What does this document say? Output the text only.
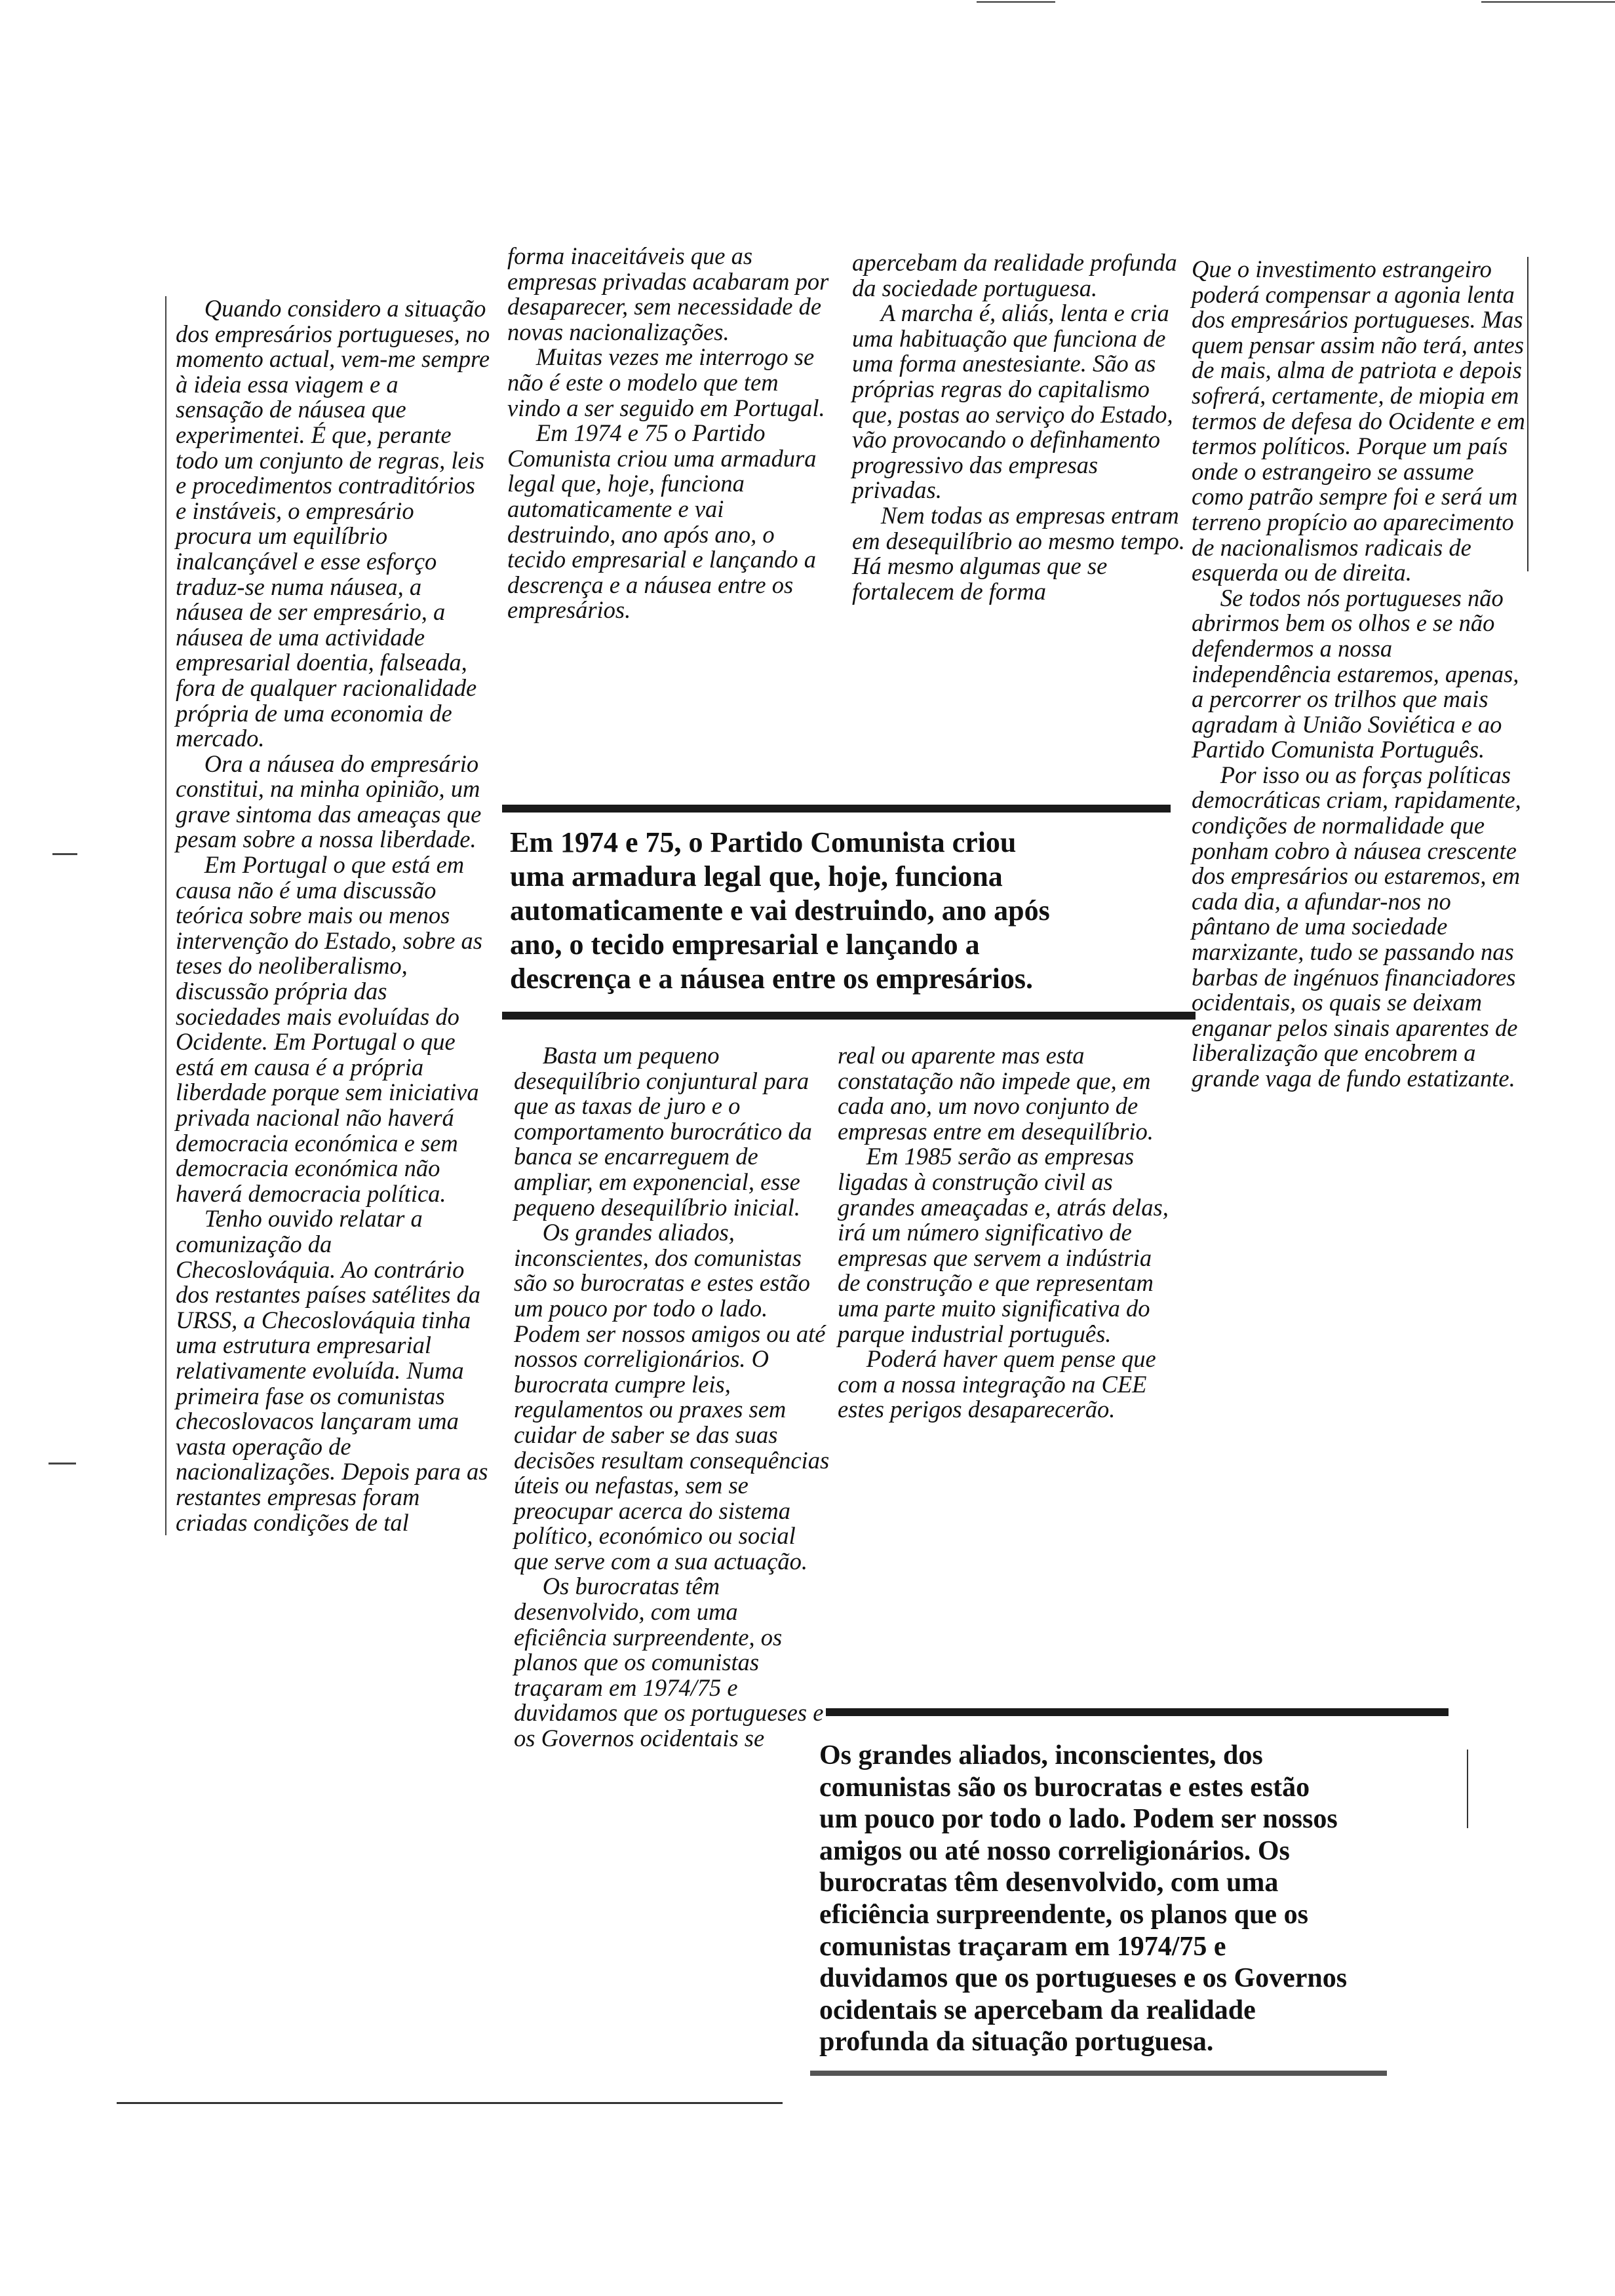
Quando considero a situação dos empresários portugueses, no momento actual, vem-me sempre à ideia essa viagem e a sensação de náusea que experimentei. É que, perante todo um conjunto de regras, leis e procedimentos contraditórios e instáveis, o empresário procura um equilíbrio inalcançável e esse esforço traduz-se numa náusea, a náusea de ser empresário, a náusea de uma actividade empresarial doentia, falseada, fora de qualquer racionalidade própria de uma economia de mercado.

Ora a náusea do empresário constitui, na minha opinião, um grave sintoma das ameaças que pesam sobre a nossa liberdade.

Em Portugal o que está em causa não é uma discussão teórica sobre mais ou menos intervenção do Estado, sobre as teses do neoliberalismo, discussão própria das sociedades mais evoluídas do Ocidente. Em Portugal o que está em causa é a própria liberdade porque sem iniciativa privada nacional não haverá democracia económica e sem democracia económica não haverá democracia política.

Tenho ouvido relatar a comunização da Checoslováquia. Ao contrário dos restantes países satélites da URSS, a Checoslováquia tinha uma estrutura empresarial relativamente evoluída. Numa primeira fase os comunistas checoslovacos lançaram uma vasta operação de nacionalizações. Depois para as restantes empresas foram criadas condições de tal

forma inaceitáveis que as empresas privadas acabaram por desaparecer, sem necessidade de novas nacionalizações.

Muitas vezes me interrogo se não é este o modelo que tem vindo a ser seguido em Portugal.

Em 1974 e 75 o Partido Comunista criou uma armadura legal que, hoje, funciona automaticamente e vai destruindo, ano após ano, o tecido empresarial e lançando a descrença e a náusea entre os empresários.

apercebam da realidade profunda da sociedade portuguesa.

A marcha é, aliás, lenta e cria uma habituação que funciona de uma forma anestesiante. São as próprias regras do capitalismo que, postas ao serviço do Estado, vão provocando o definhamento progressivo das empresas privadas.

Nem todas as empresas entram em desequilíbrio ao mesmo tempo. Há mesmo algumas que se fortalecem de forma

Que o investimento estrangeiro poderá compensar a agonia lenta dos empresários portugueses. Mas quem pensar assim não terá, antes de mais, alma de patriota e depois sofrerá, certamente, de miopia em termos de defesa do Ocidente e em termos políticos. Porque um país onde o estrangeiro se assume como patrão sempre foi e será um terreno propício ao aparecimento de nacionalismos radicais de esquerda ou de direita.

Se todos nós portugueses não abrirmos bem os olhos e se não defendermos a nossa independência estaremos, apenas, a percorrer os trilhos que mais agradam à União Soviética e ao Partido Comunista Português.

Por isso ou as forças políticas democráticas criam, rapidamente, condições de normalidade que ponham cobro à náusea crescente dos empresários ou estaremos, em cada dia, a afundar-nos no pântano de uma sociedade marxizante, tudo se passando nas barbas de ingénuos financiadores ocidentais, os quais se deixam enganar pelos sinais aparentes de liberalização que encobrem a grande vaga de fundo estatizante.

Basta um pequeno desequilíbrio conjuntural para que as taxas de juro e o comportamento burocrático da banca se encarreguem de ampliar, em exponencial, esse pequeno desequilíbrio inicial.

Os grandes aliados, inconscientes, dos comunistas são so burocratas e estes estão um pouco por todo o lado. Podem ser nossos amigos ou até nossos correligionários. O burocrata cumpre leis, regulamentos ou praxes sem cuidar de saber se das suas decisões resultam consequências úteis ou nefastas, sem se preocupar acerca do sistema político, económico ou social que serve com a sua actuação.

Os burocratas têm desenvolvido, com uma eficiência surpreendente, os planos que os comunistas traçaram em 1974/75 e duvidamos que os portugueses e os Governos ocidentais se

real ou aparente mas esta constatação não impede que, em cada ano, um novo conjunto de empresas entre em desequilíbrio.

Em 1985 serão as empresas ligadas à construção civil as grandes ameaçadas e, atrás delas, irá um número significativo de empresas que servem a indústria de construção e que representam uma parte muito significativa do parque industrial português.

Poderá haver quem pense que com a nossa integração na CEE estes perigos desaparecerão.

Em 1974 e 75, o Partido Comunista criou
uma armadura legal que, hoje, funciona
automaticamente e vai destruindo, ano após
ano, o tecido empresarial e lançando a
descrença e a náusea entre os empresários.
Os grandes aliados, inconscientes, dos
comunistas são os burocratas e estes estão
um pouco por todo o lado. Podem ser nossos
amigos ou até nosso correligionários. Os
burocratas têm desenvolvido, com uma
eficiência surpreendente, os planos que os
comunistas traçaram em 1974/75 e
duvidamos que os portugueses e os Governos
ocidentais se apercebam da realidade
profunda da situação portuguesa.
